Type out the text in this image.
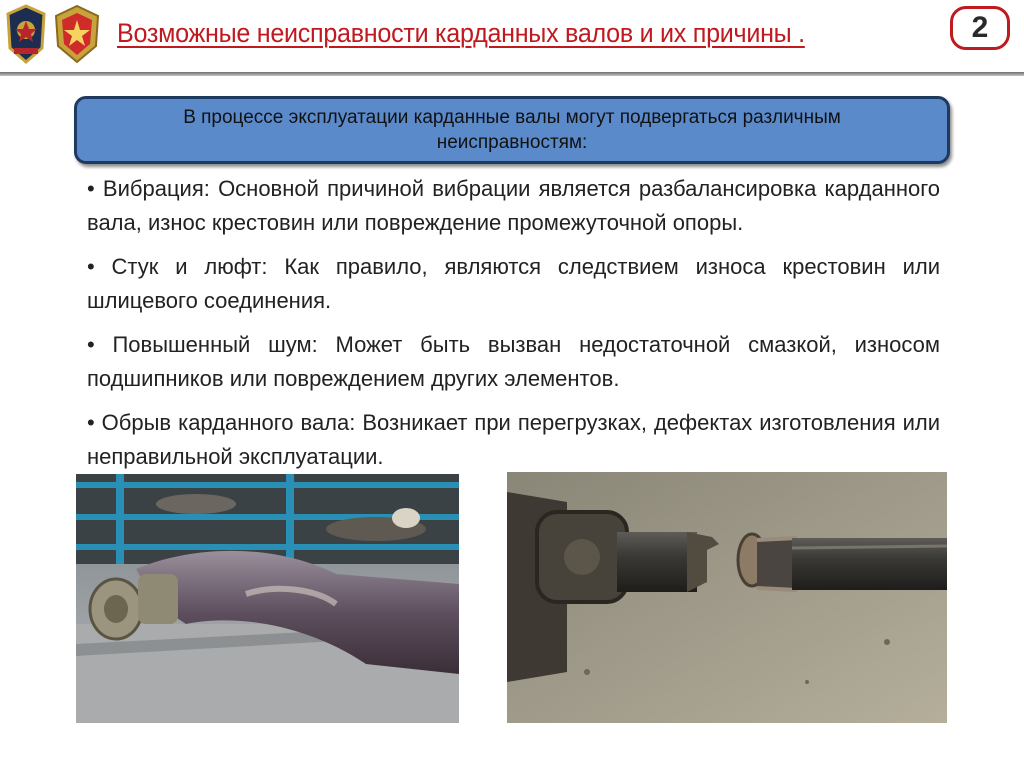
Возможные неисправности карданных валов и их причины .	2
В процессе эксплуатации карданные валы могут подвергаться различным неисправностям:
• Вибрация: Основной причиной вибрации является разбалансировка карданного вала, износ крестовин или повреждение промежуточной опоры.
• Стук и люфт: Как правило, являются следствием износа крестовин или шлицевого соединения.
• Повышенный шум: Может быть вызван недостаточной смазкой, износом подшипников или повреждением других элементов.
• Обрыв карданного вала: Возникает при перегрузках, дефектах изготовления или неправильной эксплуатации.
